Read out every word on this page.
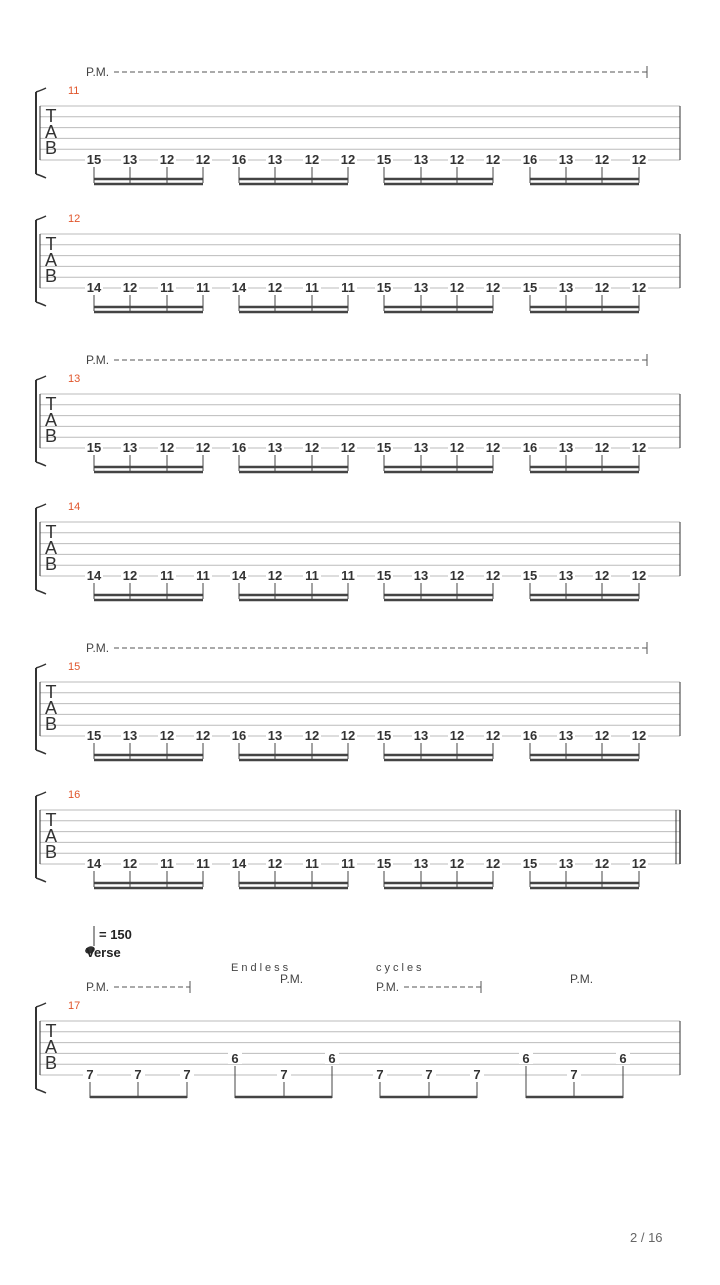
P.M.
11
T
A
B
15 13 12 12 16 13 12 12 15 13 12 12 16 13 12 12
12
T
A
B
14 12 11 11 14 12 11 11 15 13 12 12 15 13 12 12
P.M.
13
T
A
B
15 13 12 12 16 13 12 12 15 13 12 12 16 13 12 12
14
T
A
B
14 12 11 11 14 12 11 11 15 13 12 12 15 13 12 12
P.M.
15
T
A
B
15 13 12 12 16 13 12 12 15 13 12 12 16 13 12 12
16
T
A
B
14 12 11 11 14 12 11 11 15 13 12 12 15 13 12 12
= 150
Verse
Endless	cycles
P.M.
P.M.
P.M.
P.M.
17
T
A
B
7	7	7
6
7
6
7	7	7
6
7
6
2 / 16
